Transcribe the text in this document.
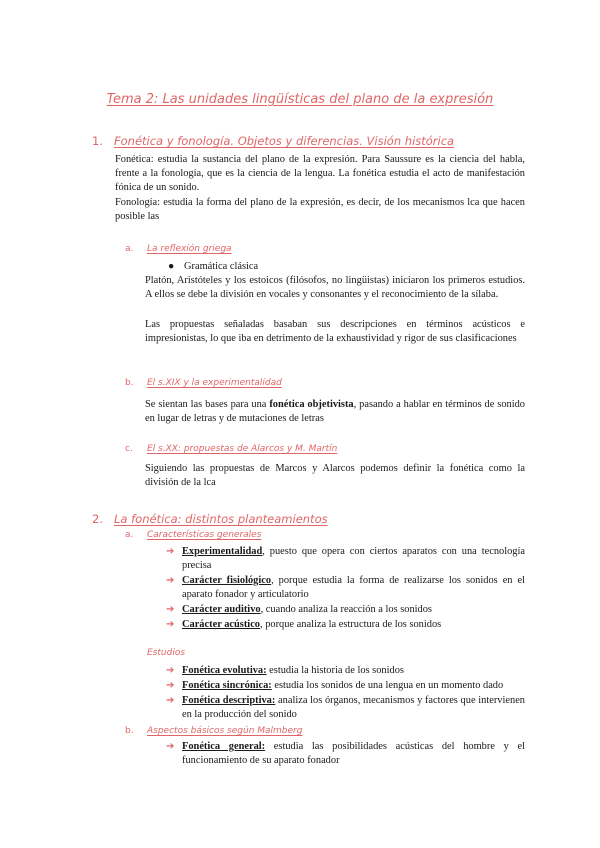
Tema 2: Las unidades lingüísticas del plano de la expresión
1. Fonética y fonología. Objetos y diferencias. Visión histórica
Fonética: estudia la sustancia del plano de la expresión. Para Saussure es la ciencia del habla, frente a la fonología, que es la ciencia de la lengua. La fonética estudia el acto de manifestación fónica de un sonido.
Fonología: estudia la forma del plano de la expresión, es decir, de los mecanismos lca que hacen posible las
a. La reflexión griega
● Gramática clásica
Platón, Aristóteles y los estoicos (filósofos, no lingüistas) iniciaron los primeros estudios. A ellos se debe la división en vocales y consonantes y el reconocimiento de la sílaba.
Las propuestas señaladas basaban sus descripciones en términos acústicos e impresionistas, lo que iba en detrimento de la exhaustividad y rigor de sus clasificaciones
b. El s.XIX y la experimentalidad
Se sientan las bases para una fonética objetivista, pasando a hablar en términos de sonido en lugar de letras y de mutaciones de letras
c. El s.XX: propuestas de Alarcos y M. Martín
Siguiendo las propuestas de Marcos y Alarcos podemos definir la fonética como la división de la lca
2. La fonética: distintos planteamientos
a. Características generales
➔ Experimentalidad, puesto que opera con ciertos aparatos con una tecnología precisa
➔ Carácter fisiológico, porque estudia la forma de realizarse los sonidos en el aparato fonador y articulatorio
➔ Carácter auditivo, cuando analiza la reacción a los sonidos
➔ Carácter acústico, porque analiza la estructura de los sonidos
Estudios
➔ Fonética evolutiva: estudia la historia de los sonidos
➔ Fonética sincrónica: estudia los sonidos de una lengua en un momento dado
➔ Fonética descriptiva: analiza los órganos, mecanismos y factores que intervienen en la producción del sonido
b. Aspectos básicos según Malmberg
➔ Fonética general: estudia las posibilidades acústicas del hombre y el funcionamiento de su aparato fonador
